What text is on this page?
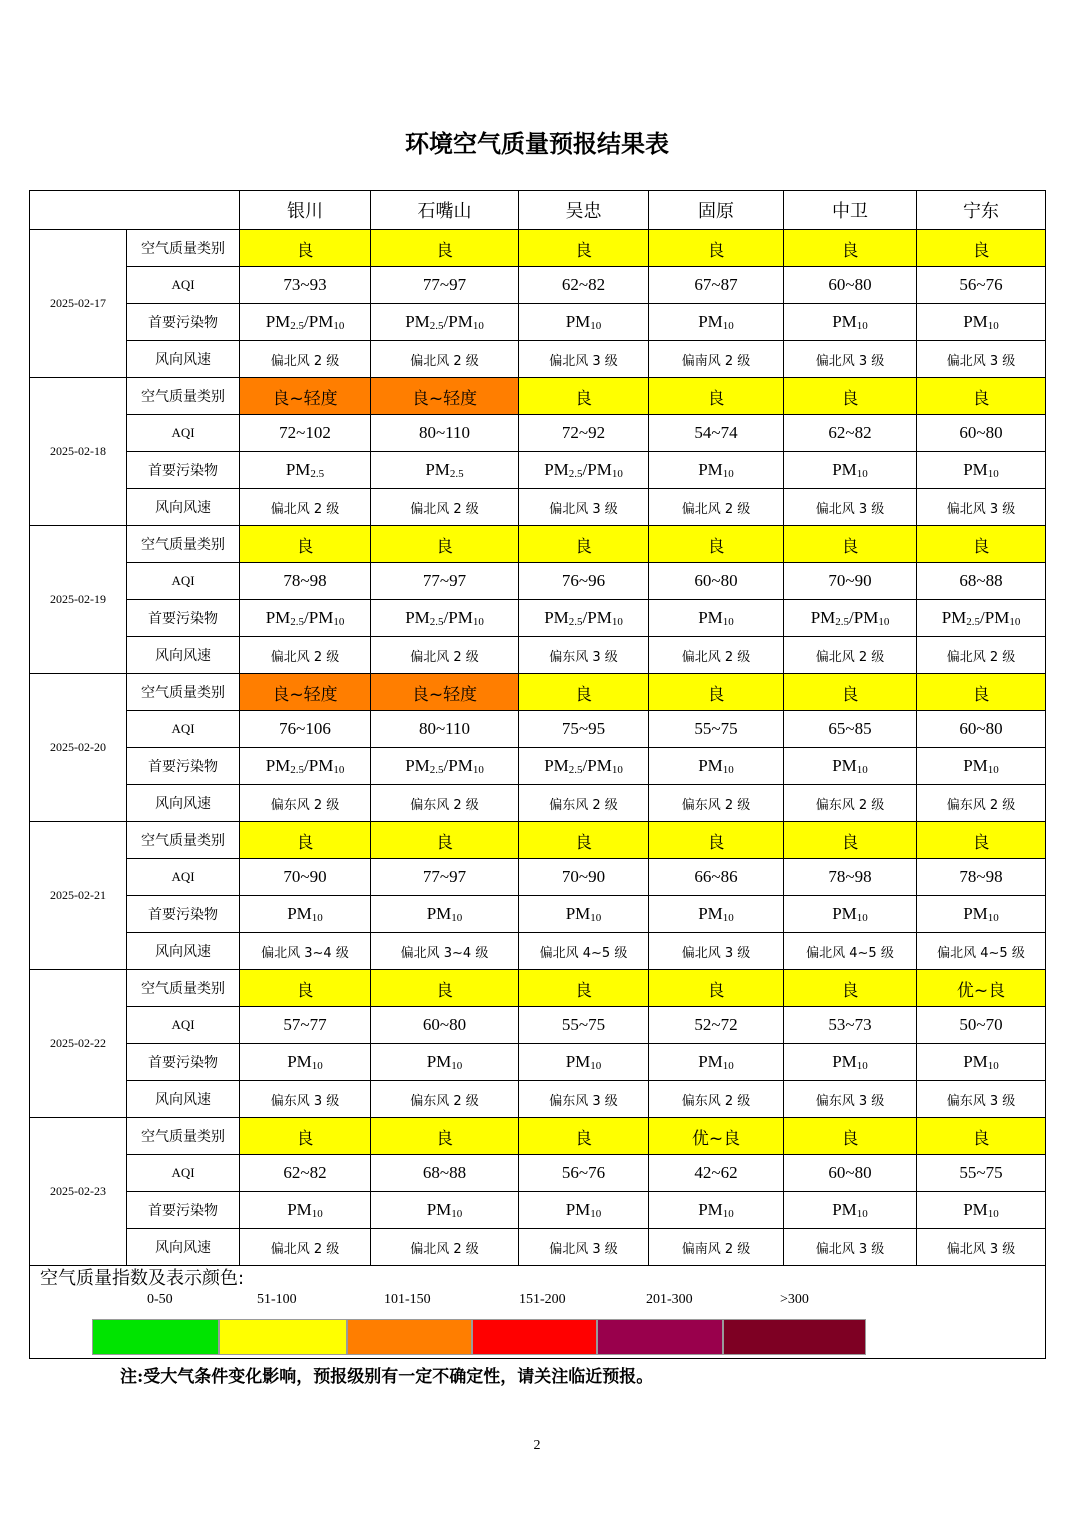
环境空气质量预报结果表
		银川	石嘴山	吴忠	固原	中卫	宁东
2025-02-17	空气质量类别	良	良	良	良	良	良
	AQI	73~93	77~97	62~82	67~87	60~80	56~76
	首要污染物	$PM_{2.5}/PM_{10}$	$PM_{2.5}/PM_{10}$	$PM_{10}$	$PM_{10}$	$PM_{10}$	$PM_{10}$
	风向风速	偏北风 2 级	偏北风 2 级	偏北风 3 级	偏南风 2 级	偏北风 3 级	偏北风 3 级
2025-02-18	空气质量类别	良~轻度	良~轻度	良	良	良	良
	AQI	72~102	80~110	72~92	54~74	62~82	60~80
	首要污染物	$PM_{2.5}$	$PM_{2.5}$	$PM_{2.5}/PM_{10}$	$PM_{10}$	$PM_{10}$	$PM_{10}$
	风向风速	偏北风 2 级	偏北风 2 级	偏北风 3 级	偏北风 2 级	偏北风 3 级	偏北风 3 级
2025-02-19	空气质量类别	良	良	良	良	良	良
	AQI	78~98	77~97	76~96	60~80	70~90	68~88
	首要污染物	$PM_{2.5}/PM_{10}$	$PM_{2.5}/PM_{10}$	$PM_{2.5}/PM_{10}$	$PM_{10}$	$PM_{2.5}/PM_{10}$	$PM_{2.5}/PM_{10}$
	风向风速	偏北风 2 级	偏北风 2 级	偏东风 3 级	偏北风 2 级	偏北风 2 级	偏北风 2 级
2025-02-20	空气质量类别	良~轻度	良~轻度	良	良	良	良
	AQI	76~106	80~110	75~95	55~75	65~85	60~80
	首要污染物	$PM_{2.5}/PM_{10}$	$PM_{2.5}/PM_{10}$	$PM_{2.5}/PM_{10}$	$PM_{10}$	$PM_{10}$	$PM_{10}$
	风向风速	偏东风 2 级	偏东风 2 级	偏东风 2 级	偏东风 2 级	偏东风 2 级	偏东风 2 级
2025-02-21	空气质量类别	良	良	良	良	良	良
	AQI	70~90	77~97	70~90	66~86	78~98	78~98
	首要污染物	$PM_{10}$	$PM_{10}$	$PM_{10}$	$PM_{10}$	$PM_{10}$	$PM_{10}$
	风向风速	偏北风 3~4 级	偏北风 3~4 级	偏北风 4~5 级	偏北风 3 级	偏北风 4~5 级	偏北风 4~5 级
2025-02-22	空气质量类别	良	良	良	良	良	优~良
	AQI	57~77	60~80	55~75	52~72	53~73	50~70
	首要污染物	$PM_{10}$	$PM_{10}$	$PM_{10}$	$PM_{10}$	$PM_{10}$	$PM_{10}$
	风向风速	偏东风 3 级	偏东风 2 级	偏东风 3 级	偏东风 2 级	偏东风 3 级	偏东风 3 级
2025-02-23	空气质量类别	良	良	良	优~良	良	良
	AQI	62~82	68~88	56~76	42~62	60~80	55~75
	首要污染物	$PM_{10}$	$PM_{10}$	$PM_{10}$	$PM_{10}$	$PM_{10}$	$PM_{10}$
	风向风速	偏北风 2 级	偏北风 2 级	偏北风 3 级	偏南风 2 级	偏北风 3 级	偏北风 3 级
空气质量指数及表示颜色:
0-50	51-100	101-150	151-200	201-300	>300
注:受大气条件变化影响，预报级别有一定不确定性，请关注临近预报。
2
